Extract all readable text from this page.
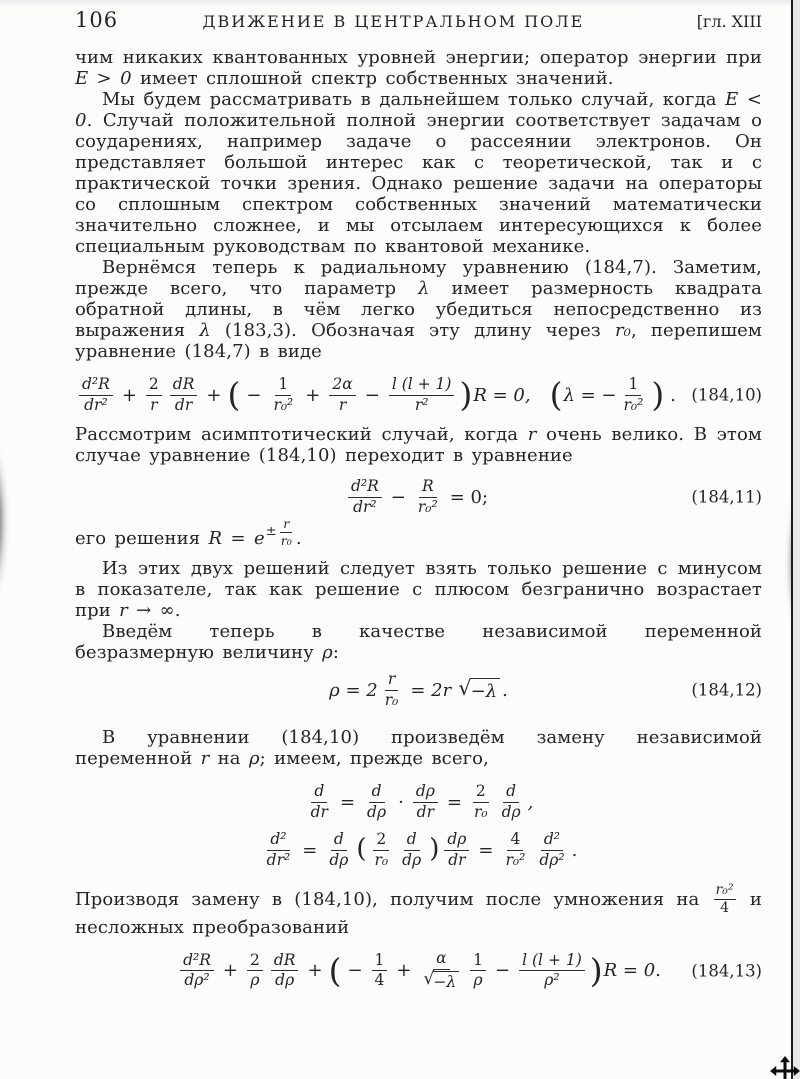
106	ДВИЖЕНИЕ В ЦЕНТРАЛЬНОМ ПОЛЕ	[гл. XIII

чим никаких квантованных уровней энергии; оператор энергии при E > 0 имеет сплошной спектр собственных значений.

Мы будем рассматривать в дальнейшем только случай, когда E < 0. Случай положительной полной энергии соответствует задачам о соударениях, например задаче о рассеянии электронов. Он представляет большой интерес как с теоретической, так и с практической точки зрения. Однако решение задачи на операторы со сплошным спектром собственных значений математически значительно сложнее, и мы отсылаем интересующихся к более специальным руководствам по квантовой механике.

Вернёмся теперь к радиальному уравнению (184,7). Заметим, прежде всего, что параметр λ имеет размерность квадрата обратной длины, в чём легко убедиться непосредственно из выражения λ (183,3). Обозначая эту длину через r₀, перепишем уравнение (184,7) в виде

$\frac{\text{d²R}}{\text{dr²}} + \frac{2}{r} \frac{dR}{dr}$ + ( − $\frac{1}{\text{r₀²}} + \frac{2\alpha}{r} - \frac{l (l + 1)}{\text{r²}}$ ) R = 0, ( λ = − $\frac{1}{\text{r₀²}}$ ) . (184,10)

Рассмотрим асимптотический случай, когда r очень велико. В этом случае уравнение (184,10) переходит в уравнение

$\frac{\text{d²R}}{\text{dr²}} - \frac{R}{\text{r₀²}} = 0$;	(184,11)

его решения $R = e \pm \frac{r}{\text{r₀}}$ .

Из этих двух решений следует взять только решение с минусом в показателе, так как решение с плюсом безгранично возрастает при r → ∞.

Введём теперь в качестве независимой переменной безразмерную величину ρ:

$\rho = 2 \frac{r}{\text{r₀}} = 2r$ √ −λ .	(184,12)

В уравнении (184,10) произведём замену независимой переменной r на ρ; имеем, прежде всего,

$\frac{d}{dr} = \frac{d}{d\rho} \cdot \frac{d\rho}{dr} = \frac{2}{\text{r₀}} \frac{d}{d\rho}$ ,
$\frac{\text{d²}}{\text{dr²}} = \frac{d}{d\rho}$ ( $\frac{2}{\text{r₀}} \frac{d}{d\rho}$ ) $\frac{d\rho}{dr} = \frac{4}{\text{r₀²}} \frac{\text{d²}}{\text{dρ²}}$ .

Производя замену в (184,10), получим после умножения на $\frac{\text{r₀²}}{4}$ и несложных преобразований

$\frac{\text{d²R}}{\text{dρ²}} + \frac{2}{\rho} \frac{dR}{d\rho}$ + ( − $\frac{1}{4} + \frac{\alpha}{√ -\lambda} \frac{1}{\rho} - \frac{l (l + 1)}{\text{ρ²}}$ ) R = 0. (184,13)
